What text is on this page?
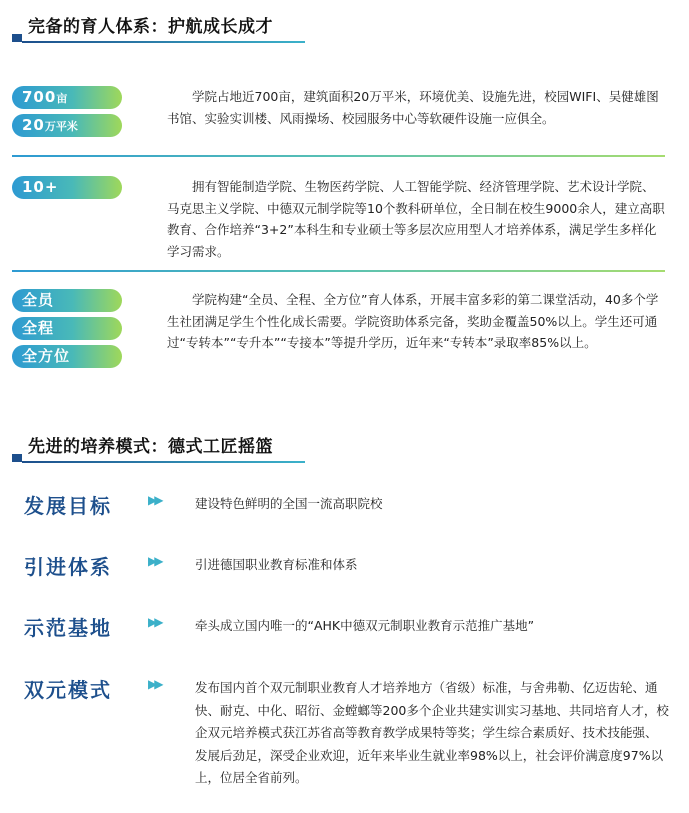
完备的育人体系：护航成长成才
700亩
20万平米
学院占地近700亩，建筑面积20万平米，环境优美、设施先进，校园WIFI、吴健雄图书馆、实验实训楼、风雨操场、校园服务中心等软硬件设施一应俱全。
10+	拥有智能制造学院、生物医药学院、人工智能学院、经济管理学院、艺术设计学院、马克思主义学院、中德双元制学院等10个教科研单位，全日制在校生9000余人，建立高职教育、合作培养“3+2”本科生和专业硕士等多层次应用型人才培养体系，满足学生多样化学习需求。
全员
全程
全方位
学院构建“全员、全程、全方位”育人体系，开展丰富多彩的第二课堂活动，40多个学生社团满足学生个性化成长需要。学院资助体系完备，奖助金覆盖50%以上。学生还可通过“专转本”“专升本”“专接本”等提升学历，近年来“专转本”录取率85%以上。
先进的培养模式：德式工匠摇篮
发展目标	▶▶	建设特色鲜明的全国一流高职院校
引进体系	▶▶	引进德国职业教育标准和体系
示范基地	▶▶	牵头成立国内唯一的“AHK中德双元制职业教育示范推广基地”
双元模式	▶▶	发布国内首个双元制职业教育人才培养地方（省级）标准，与舍弗勒、亿迈齿轮、通快、耐克、中化、昭衍、金螳螂等200多个企业共建实训实习基地、共同培育人才，校企双元培养模式获江苏省高等教育教学成果特等奖；学生综合素质好、技术技能强、发展后劲足，深受企业欢迎，近年来毕业生就业率98%以上，社会评价满意度97%以上，位居全省前列。
